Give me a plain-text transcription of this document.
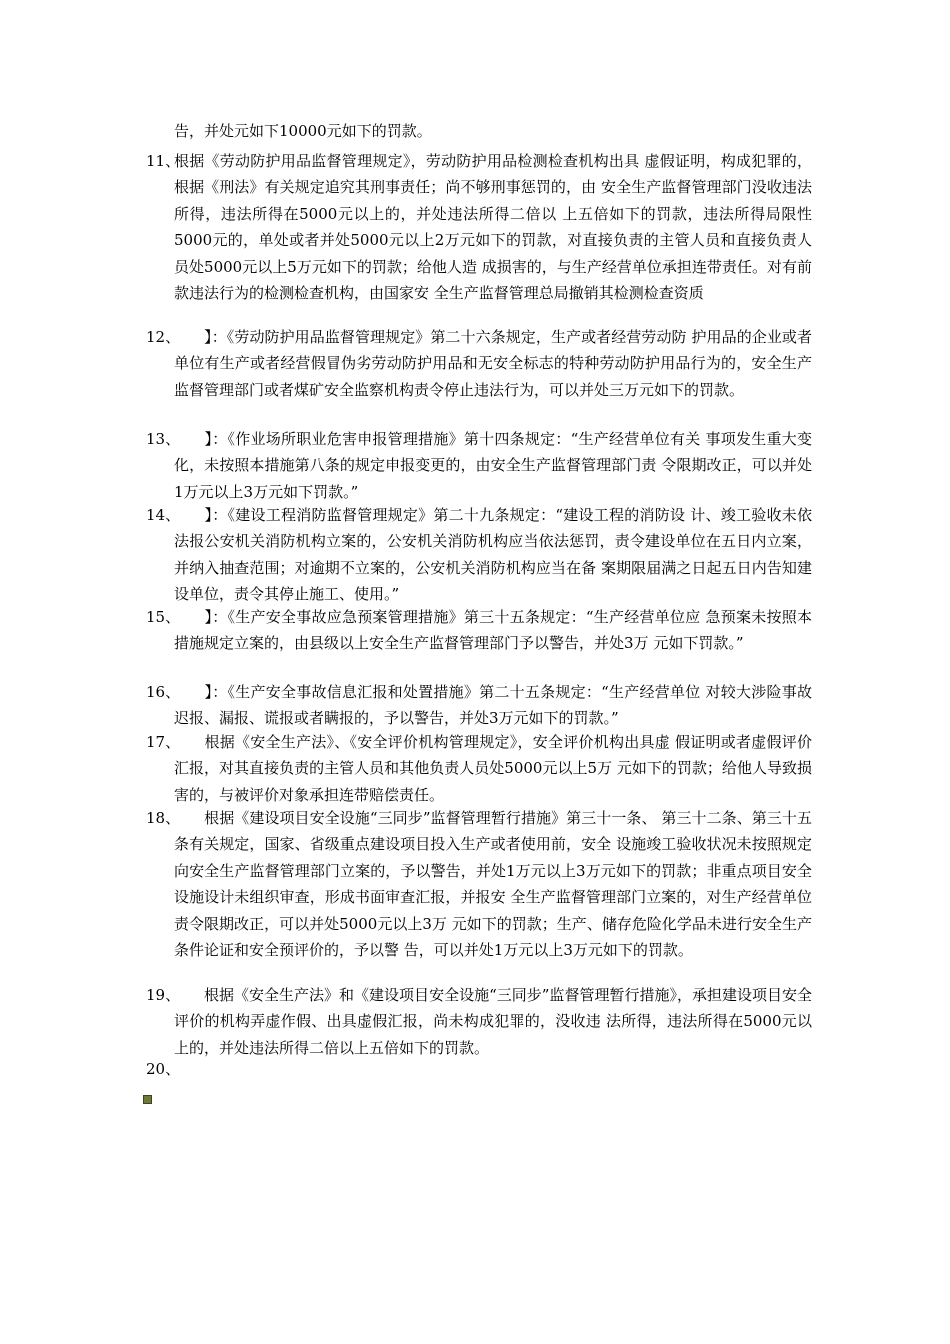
告，并处元如下10000元如下的罚款。
11、
根据《劳动防护用品监督管理规定》，劳动防护用品检测检查机构出具 虚假证明，构成犯罪的，根据《刑法》有关规定追究其刑事责任；尚不够刑事惩罚的，由 安全生产监督管理部门没收违法所得，违法所得在5000元以上的，并处违法所得二倍以 上五倍如下的罚款，违法所得局限性5000元的，单处或者并处5000元以上2万元如下的罚款，对直接负责的主管人员和直接负责人员处5000元以上5万元如下的罚款；给他人造 成损害的，与生产经营单位承担连带责任。对有前款违法行为的检测检查机构，由国家安 全生产监督管理总局撤销其检测检查资质
12、
　　】：《劳动防护用品监督管理规定》第二十六条规定，生产或者经营劳动防 护用品的企业或者单位有生产或者经营假冒伪劣劳动防护用品和无安全标志的特种劳动防护用品行为的，安全生产监督管理部门或者煤矿安全监察机构责令停止违法行为，可以并处三万元如下的罚款。
13、
　　】：《作业场所职业危害申报管理措施》第十四条规定：“生产经营单位有关 事项发生重大变化，未按照本措施第八条的规定申报变更的，由安全生产监督管理部门责 令限期改正，可以并处1万元以上3万元如下罚款。”
14、
　　】：《建设工程消防监督管理规定》第二十九条规定：“建设工程的消防设 计、竣工验收未依法报公安机关消防机构立案的，公安机关消防机构应当依法惩罚，责令建设单位在五日内立案，并纳入抽查范围；对逾期不立案的，公安机关消防机构应当在备 案期限届满之日起五日内告知建设单位，责令其停止施工、使用。”
15、
　　】：《生产安全事故应急预案管理措施》第三十五条规定：“生产经营单位应 急预案未按照本措施规定立案的，由县级以上安全生产监督管理部门予以警告，并处3万 元如下罚款。”
16、
　　】：《生产安全事故信息汇报和处置措施》第二十五条规定：“生产经营单位 对较大涉险事故迟报、漏报、谎报或者瞒报的，予以警告，并处3万元如下的罚款。”
17、
　　根据《安全生产法》、《安全评价机构管理规定》，安全评价机构出具虚 假证明或者虚假评价汇报，对其直接负责的主管人员和其他负责人员处5000元以上5万 元如下的罚款；给他人导致损害的，与被评价对象承担连带赔偿责任。
18、
　　根据《建设项目安全设施“三同步”监督管理暂行措施》第三十一条、 第三十二条、第三十五条有关规定，国家、省级重点建设项目投入生产或者使用前，安全 设施竣工验收状况未按照规定向安全生产监督管理部门立案的，予以警告，并处1万元以上3万元如下的罚款；非重点项目安全设施设计未组织审查，形成书面审查汇报，并报安 全生产监督管理部门立案的，对生产经营单位责令限期改正，可以并处5000元以上3万 元如下的罚款；生产、储存危险化学品未进行安全生产条件论证和安全预评价的，予以警 告，可以并处1万元以上3万元如下的罚款。
19、
　　根据《安全生产法》和《建设项目安全设施“三同步”监督管理暂行措施》，承担建设项目安全评价的机构弄虚作假、出具虚假汇报，尚未构成犯罪的，没收违 法所得，违法所得在5000元以上的，并处违法所得二倍以上五倍如下的罚款。
20、
